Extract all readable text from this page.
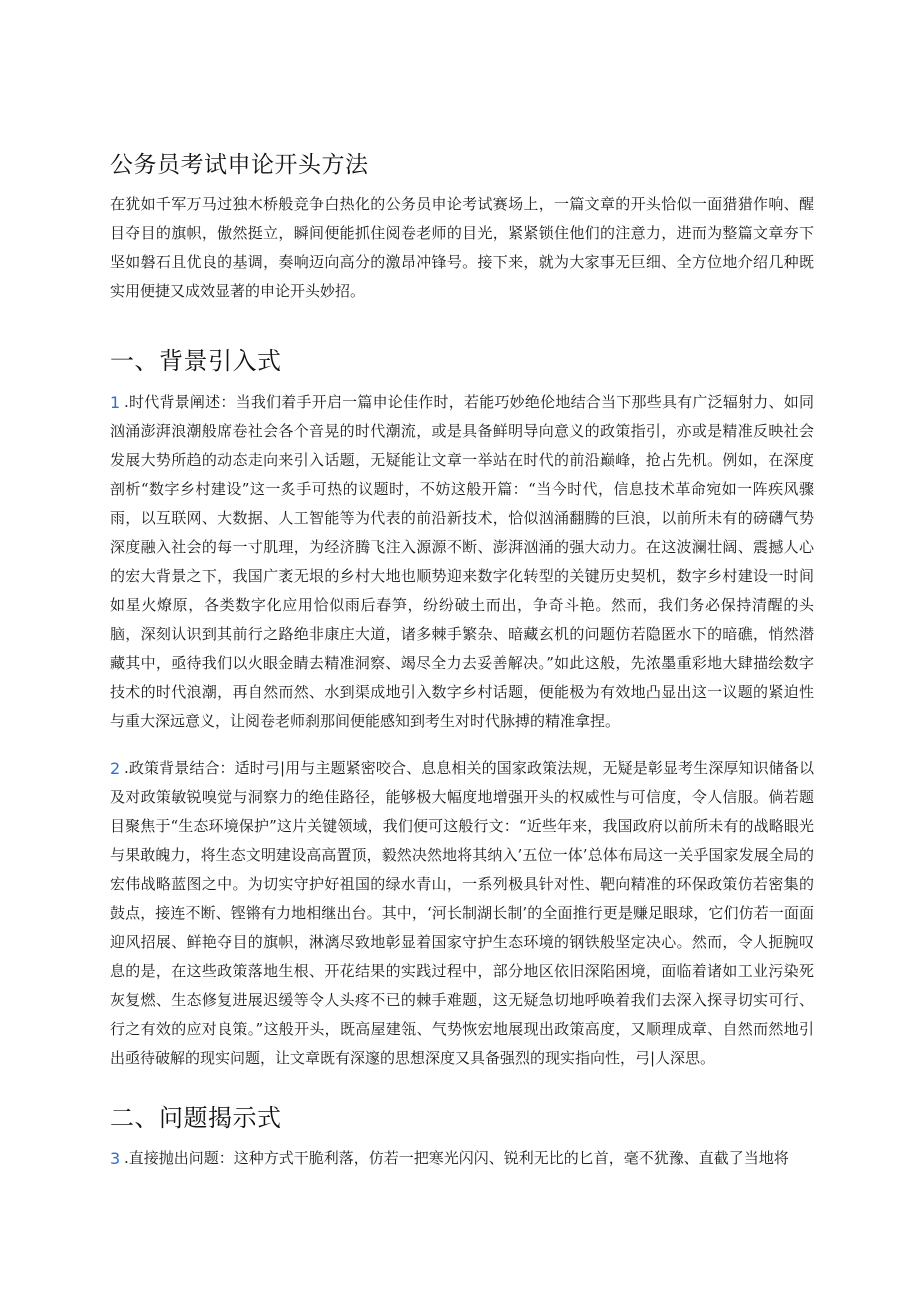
公务员考试申论开头方法

在犹如千军万马过独木桥般竞争白热化的公务员申论考试赛场上，一篇文章的开头恰似一面猎猎作响、醒目夺目的旗帜，傲然挺立，瞬间便能抓住阅卷老师的目光，紧紧锁住他们的注意力，进而为整篇文章夯下坚如磐石且优良的基调，奏响迈向高分的激昂冲锋号。接下来，就为大家事无巨细、全方位地介绍几种既实用便捷又成效显著的申论开头妙招。

一、背景引入式
1 .时代背景阐述：当我们着手开启一篇申论佳作时，若能巧妙绝伦地结合当下那些具有广泛辐射力、如同汹涌澎湃浪潮般席卷社会各个音晃的时代潮流，或是具备鲜明导向意义的政策指引，亦或是精准反映社会发展大势所趋的动态走向来引入话题，无疑能让文章一举站在时代的前沿巅峰，抢占先机。例如，在深度剖析“数字乡村建设”这一炙手可热的议题时，不妨这般开篇：“当今时代，信息技术革命宛如一阵疾风骤雨，以互联网、大数据、人工智能等为代表的前沿新技术，恰似汹涌翻腾的巨浪，以前所未有的磅礴气势深度融入社会的每一寸肌理，为经济腾飞注入源源不断、澎湃汹涌的强大动力。在这波澜壮阔、震撼人心的宏大背景之下，我国广袤无垠的乡村大地也顺势迎来数字化转型的关键历史契机，数字乡村建设一时间如星火燎原，各类数字化应用恰似雨后春笋，纷纷破土而出，争奇斗艳。然而，我们务必保持清醒的头脑，深刻认识到其前行之路绝非康庄大道，诸多棘手繁杂、暗藏玄机的问题仿若隐匿水下的暗礁，悄然潜藏其中，亟待我们以火眼金睛去精准洞察、竭尽全力去妥善解决。”如此这般，先浓墨重彩地大肆描绘数字技术的时代浪潮，再自然而然、水到渠成地引入数字乡村话题，便能极为有效地凸显出这一议题的紧迫性与重大深远意义，让阅卷老师刹那间便能感知到考生对时代脉搏的精准拿捏。

2 .政策背景结合：适时弓|用与主题紧密咬合、息息相关的国家政策法规，无疑是彰显考生深厚知识储备以及对政策敏锐嗅觉与洞察力的绝佳路径，能够极大幅度地增强开头的权威性与可信度，令人信服。倘若题目聚焦于“生态环境保护”这片关键领域，我们便可这般行文：“近些年来，我国政府以前所未有的战略眼光与果敢魄力，将生态文明建设高高置顶，毅然决然地将其纳入’五位一体’总体布局这一关乎国家发展全局的宏伟战略蓝图之中。为切实守护好祖国的绿水青山，一系列极具针对性、靶向精准的环保政策仿若密集的鼓点，接连不断、铿锵有力地相继出台。其中，‘河长制湖长制’的全面推行更是赚足眼球，它们仿若一面面迎风招展、鲜艳夺目的旗帜，淋漓尽致地彰显着国家守护生态环境的钢铁般坚定决心。然而，令人扼腕叹息的是，在这些政策落地生根、开花结果的实践过程中，部分地区依旧深陷困境，面临着诸如工业污染死灰复燃、生态修复进展迟缓等令人头疼不已的棘手难题，这无疑急切地呼唤着我们去深入探寻切实可行、行之有效的应对良策。”这般开头，既高屋建瓴、气势恢宏地展现出政策高度，又顺理成章、自然而然地引出亟待破解的现实问题，让文章既有深邃的思想深度又具备强烈的现实指向性，弓|人深思。

二、问题揭示式
3 .直接抛出问题：这种方式干脆利落，仿若一把寒光闪闪、锐利无比的匕首，毫不犹豫、直截了当地将
